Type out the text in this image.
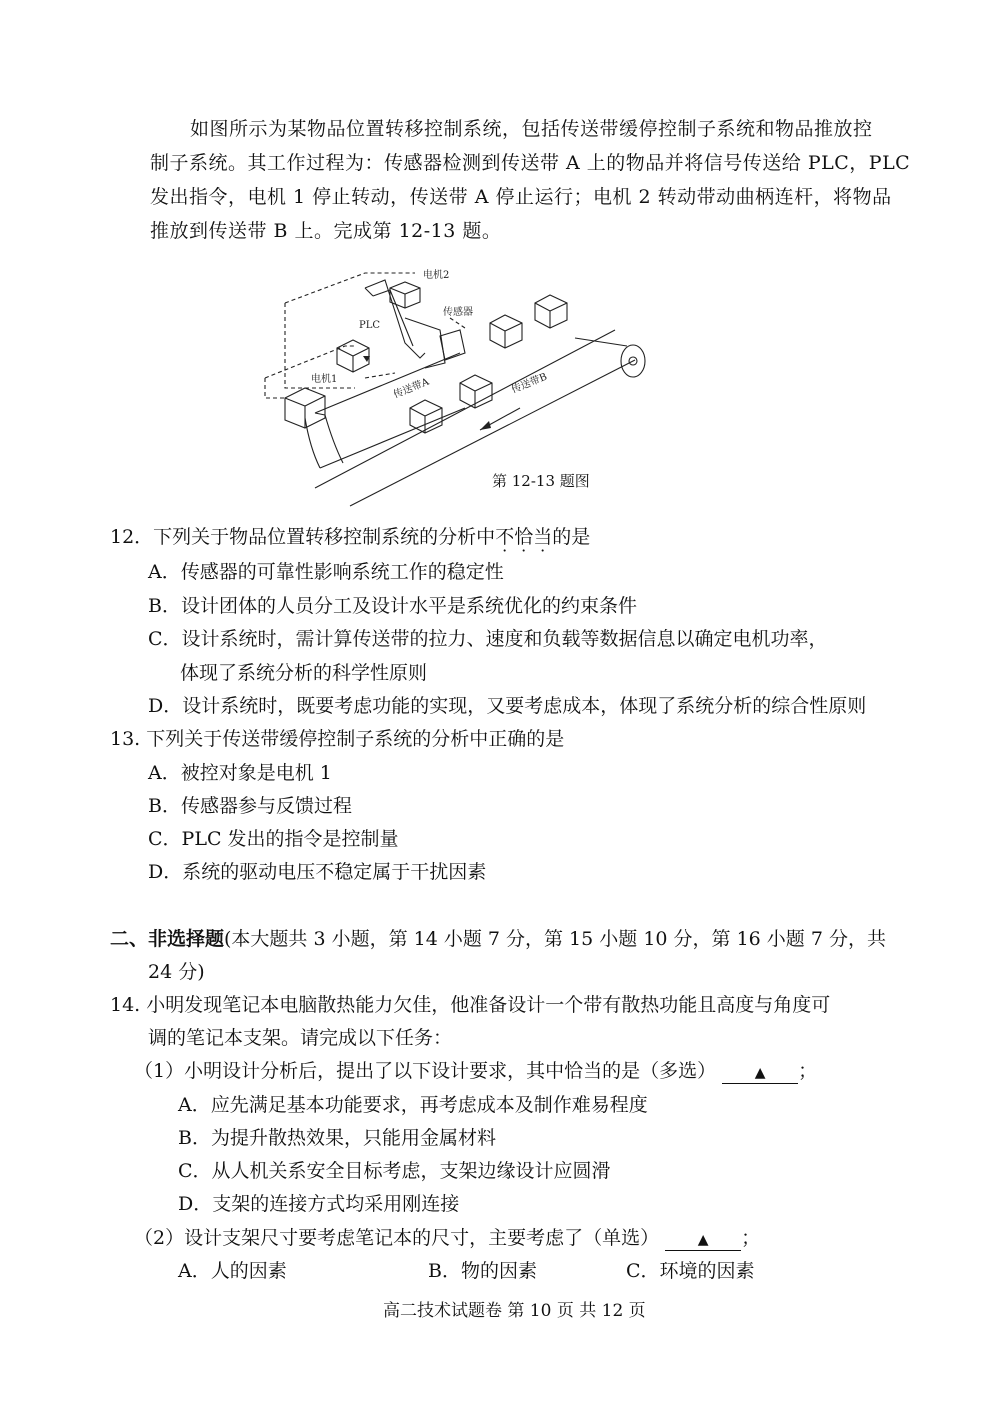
如图所示为某物品位置转移控制系统，包括传送带缓停控制子系统和物品推放控
制子系统。其工作过程为：传感器检测到传送带 A 上的物品并将信号传送给 PLC，PLC
发出指令，电机 1 停止转动，传送带 A 停止运行；电机 2 转动带动曲柄连杆，将物品
推放到传送带 B 上。完成第 12-13 题。
电机2
传感器
PLC
电机1	传送带A	传送带B
第 12-13 题图
12．下列关于物品位置转移控制系统的分析中不恰当的是
A．传感器的可靠性影响系统工作的稳定性
B．设计团体的人员分工及设计水平是系统优化的约束条件
C．设计系统时，需计算传送带的拉力、速度和负载等数据信息以确定电机功率，
体现了系统分析的科学性原则
D．设计系统时，既要考虑功能的实现，又要考虑成本，体现了系统分析的综合性原则
13. 下列关于传送带缓停控制子系统的分析中正确的是
A．被控对象是电机 1
B．传感器参与反馈过程
C．PLC 发出的指令是控制量
D．系统的驱动电压不稳定属于干扰因素
二、非选择题(本大题共 3 小题，第 14 小题 7 分，第 15 小题 10 分，第 16 小题 7 分，共
24 分)
14. 小明发现笔记本电脑散热能力欠佳，他准备设计一个带有散热功能且高度与角度可
调的笔记本支架。请完成以下任务：
（1）小明设计分析后，提出了以下设计要求，其中恰当的是（多选）	▲ ；
A．应先满足基本功能要求，再考虑成本及制作难易程度
B．为提升散热效果，只能用金属材料
C．从人机关系安全目标考虑，支架边缘设计应圆滑
D．支架的连接方式均采用刚连接
（2）设计支架尺寸要考虑笔记本的尺寸，主要考虑了（单选）	▲ ；
A．人的因素	B．物的因素	C．环境的因素
高二技术试题卷 第 10 页 共 12 页
